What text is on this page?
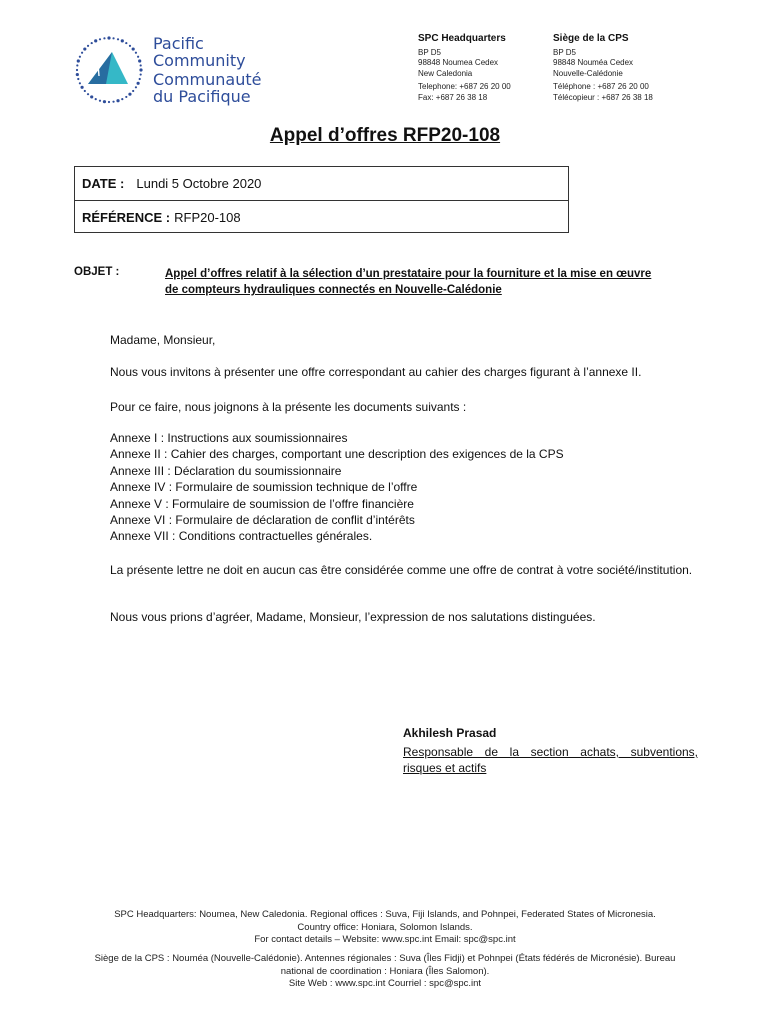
Pacific
Community
Communauté
du Pacifique
SPC Headquarters
BP D5
98848 Noumea Cedex
New Caledonia
Telephone: +687 26 20 00
Fax: +687 26 38 18
Siège de la CPS
BP D5
98848 Nouméa Cedex
Nouvelle-Calédonie
Téléphone : +687 26 20 00
Télécopieur : +687 26 38 18
Appel d’offres RFP20-108
DATE : Lundi 5 Octobre 2020
RÉFÉRENCE : RFP20-108
OBJET :	Appel d’offres relatif à la sélection d’un prestataire pour la fourniture et la mise en œuvre
de compteurs hydrauliques connectés en Nouvelle-Calédonie
Madame, Monsieur,
Nous vous invitons à présenter une offre correspondant au cahier des charges figurant à l’annexe II.
Pour ce faire, nous joignons à la présente les documents suivants :
Annexe I : Instructions aux soumissionnaires
Annexe II : Cahier des charges, comportant une description des exigences de la CPS
Annexe III : Déclaration du soumissionnaire
Annexe IV : Formulaire de soumission technique de l’offre
Annexe V : Formulaire de soumission de l’offre financière
Annexe VI : Formulaire de déclaration de conflit d’intérêts
Annexe VII : Conditions contractuelles générales.
La présente lettre ne doit en aucun cas être considérée comme une offre de contrat à votre société/institution.
Nous vous prions d’agréer, Madame, Monsieur, l’expression de nos salutations distinguées.
Akhilesh Prasad
Responsable de la section achats, subventions, risques et actifs
SPC Headquarters: Noumea, New Caledonia. Regional offices : Suva, Fiji Islands, and Pohnpei, Federated States of Micronesia.
Country office: Honiara, Solomon Islands.
For contact details – Website: www.spc.int Email: spc@spc.int
Siège de la CPS : Nouméa (Nouvelle-Calédonie). Antennes régionales : Suva (Îles Fidji) et Pohnpei (États fédérés de Micronésie). Bureau
national de coordination : Honiara (Îles Salomon).
Site Web : www.spc.int Courriel : spc@spc.int
